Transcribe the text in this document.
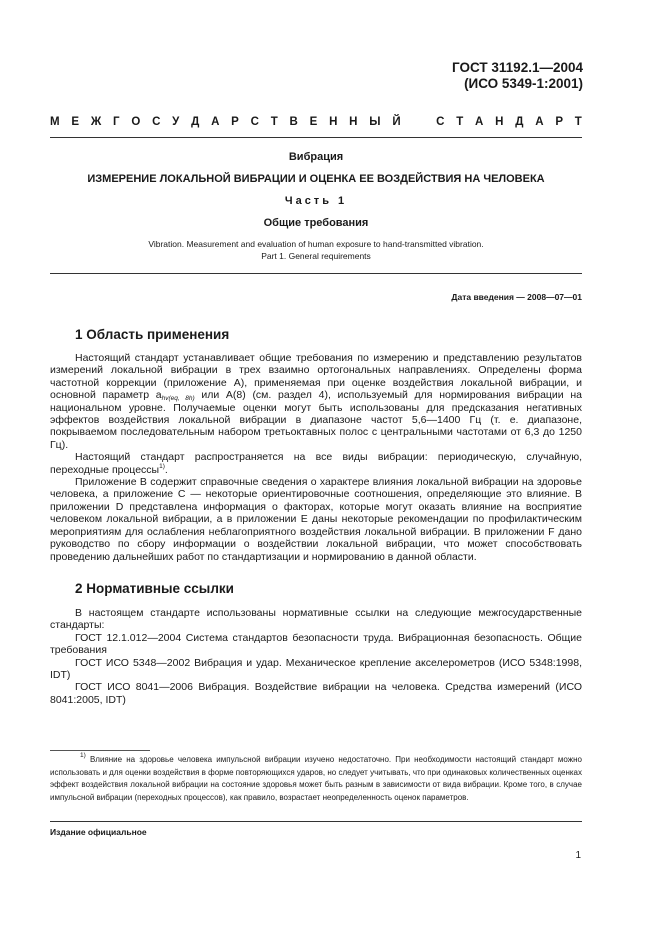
ГОСТ 31192.1—2004
(ИСО 5349-1:2001)
М Е Ж Г О С У Д А Р С Т В Е Н Н Ы Й	С Т А Н Д А Р Т
Вибрация
ИЗМЕРЕНИЕ ЛОКАЛЬНОЙ ВИБРАЦИИ И ОЦЕНКА ЕЕ ВОЗДЕЙСТВИЯ НА ЧЕЛОВЕКА
Часть 1
Общие требования
Vibration. Measurement and evaluation of human exposure to hand-transmitted vibration.
Part 1. General requirements
Дата введения — 2008—07—01
1 Область применения

Настоящий стандарт устанавливает общие требования по измерению и представлению результатов измерений локальной вибрации в трех взаимно ортогональных направлениях. Определены форма частотной коррекции (приложение А), применяемая при оценке воздействия локальной вибрации, и основной параметр $a_{hv(eq, 8h)}$ или A(8) (см. раздел 4), используемый для нормирования вибрации на национальном уровне. Получаемые оценки могут быть использованы для предсказания негативных эффектов воздействия локальной вибрации в диапазоне частот 5,6—1400 Гц (т. е. диапазоне, покрываемом последовательным набором третьоктавных полос с центральными частотами от 6,3 до 1250 Гц).

Настоящий стандарт распространяется на все виды вибрации: периодическую, случайную, переходные процессы$^{1)}$.

Приложение В содержит справочные сведения о характере влияния локальной вибрации на здоровье человека, а приложение С — некоторые ориентировочные соотношения, определяющие это влияние. В приложении D представлена информация о факторах, которые могут оказать влияние на восприятие человеком локальной вибрации, а в приложении Е даны некоторые рекомендации по профилактическим мероприятиям для ослабления неблагоприятного воздействия локальной вибрации. В приложении F дано руководство по сбору информации о воздействии локальной вибрации, что может способствовать проведению дальнейших работ по стандартизации и нормированию в данной области.

2 Нормативные ссылки

В настоящем стандарте использованы нормативные ссылки на следующие межгосударственные стандарты:

ГОСТ 12.1.012—2004 Система стандартов безопасности труда. Вибрационная безопасность. Общие требования

ГОСТ ИСО 5348—2002 Вибрация и удар. Механическое крепление акселерометров (ИСО 5348:1998, IDT)

ГОСТ ИСО 8041—2006 Вибрация. Воздействие вибрации на человека. Средства измерений (ИСО 8041:2005, IDT)

$^{1)}$ Влияние на здоровье человека импульсной вибрации изучено недостаточно. При необходимости настоящий стандарт можно использовать и для оценки воздействия в форме повторяющихся ударов, но следует учитывать, что при одинаковых количественных оценках эффект воздействия локальной вибрации на состояние здоровья может быть разным в зависимости от вида вибрации. Кроме того, в случае импульсной вибрации (переходных процессов), как правило, возрастает неопределенность оценок параметров.

Издание официальное
1
